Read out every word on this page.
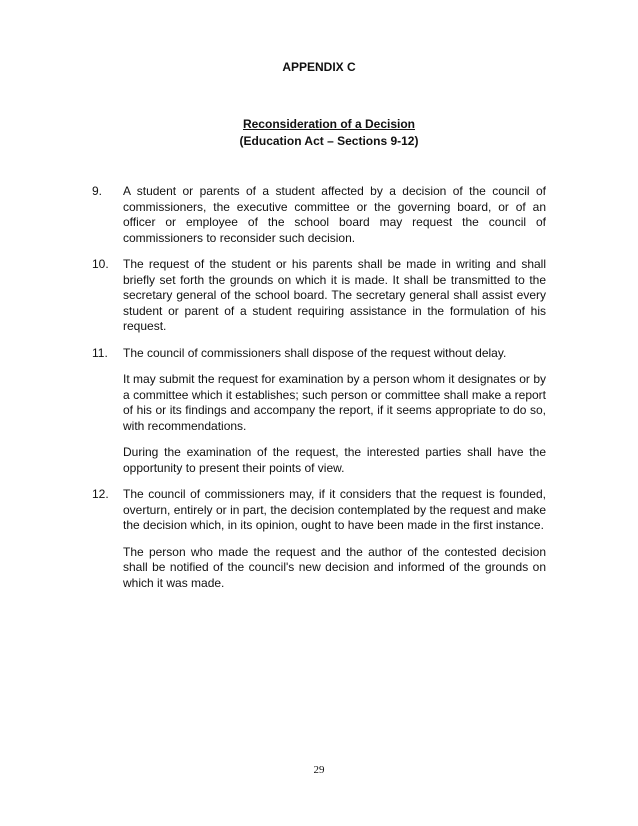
APPENDIX C

Reconsideration of a Decision
(Education Act – Sections 9-12)
9. A student or parents of a student affected by a decision of the council of commissioners, the executive committee or the governing board, or of an officer or employee of the school board may request the council of commissioners to reconsider such decision.

10. The request of the student or his parents shall be made in writing and shall briefly set forth the grounds on which it is made. It shall be transmitted to the secretary general of the school board. The secretary general shall assist every student or parent of a student requiring assistance in the formulation of his request.

11. The council of commissioners shall dispose of the request without delay.

It may submit the request for examination by a person whom it designates or by a committee which it establishes; such person or committee shall make a report of his or its findings and accompany the report, if it seems appropriate to do so, with recommendations.

During the examination of the request, the interested parties shall have the opportunity to present their points of view.

12. The council of commissioners may, if it considers that the request is founded, overturn, entirely or in part, the decision contemplated by the request and make the decision which, in its opinion, ought to have been made in the first instance.

The person who made the request and the author of the contested decision shall be notified of the council's new decision and informed of the grounds on which it was made.

29
